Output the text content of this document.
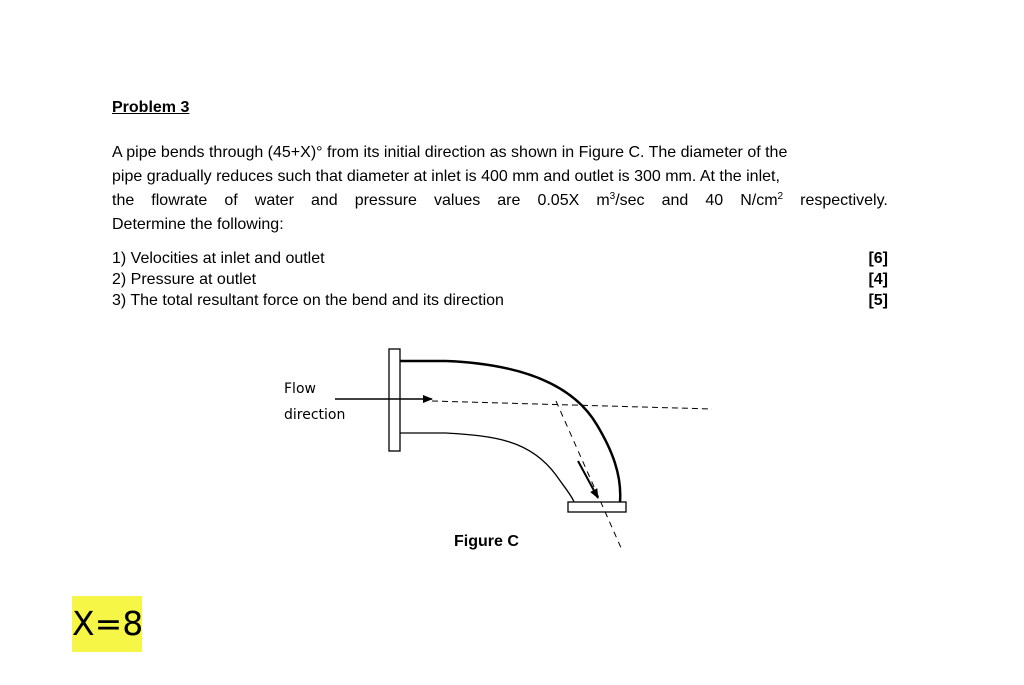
Problem 3
A pipe bends through (45+X)° from its initial direction as shown in Figure C. The diameter of the
pipe gradually reduces such that diameter at inlet is 400 mm and outlet is 300 mm. At the inlet,
the flowrate of water and pressure values are 0.05X $m^3/\sec$ and 40 $N/cm^2$ respectively.
Determine the following:
1) Velocities at inlet and outlet	[6]
2) Pressure at outlet	[4]
3) The total resultant force on the bend and its direction	[5]
Flow
direction
Figure C
X=8
